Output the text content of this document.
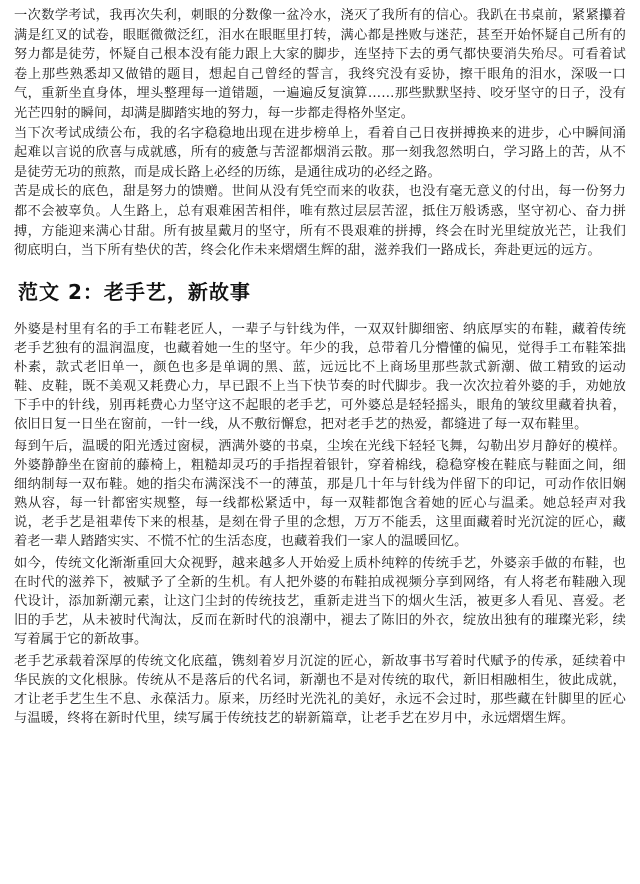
一次数学考试，我再次失利，刺眼的分数像一盆冷水，浇灭了我所有的信心。我趴在书桌前，紧紧攥着满是红叉的试卷，眼眶微微泛红，泪水在眼眶里打转，满心都是挫败与迷茫，甚至开始怀疑自己所有的努力都是徒劳，怀疑自己根本没有能力跟上大家的脚步，连坚持下去的勇气都快要消失殆尽。可看着试卷上那些熟悉却又做错的题目，想起自己曾经的誓言，我终究没有妥协，擦干眼角的泪水，深吸一口气，重新坐直身体，埋头整理每一道错题，一遍遍反复演算……那些默默坚持、咬牙坚守的日子，没有光芒四射的瞬间，却满是脚踏实地的努力，每一步都走得格外坚定。

当下次考试成绩公布，我的名字稳稳地出现在进步榜单上，看着自己日夜拼搏换来的进步，心中瞬间涌起难以言说的欣喜与成就感，所有的疲惫与苦涩都烟消云散。那一刻我忽然明白，学习路上的苦，从不是徒劳无功的煎熬，而是成长路上必经的历练，是通往成功的必经之路。

苦是成长的底色，甜是努力的馈赠。世间从没有凭空而来的收获，也没有毫无意义的付出，每一份努力都不会被辜负。人生路上，总有艰难困苦相伴，唯有熬过层层苦涩，抵住万般诱惑，坚守初心、奋力拼搏，方能迎来满心甘甜。所有披星戴月的坚守，所有不畏艰难的拼搏，终会在时光里绽放光芒，让我们彻底明白，当下所有垫伏的苦，终会化作未来熠熠生辉的甜，滋养我们一路成长，奔赴更远的远方。

范文 2：老手艺，新故事

外婆是村里有名的手工布鞋老匠人，一辈子与针线为伴，一双双针脚细密、纳底厚实的布鞋，藏着传统老手艺独有的温润温度，也藏着她一生的坚守。年少的我，总带着几分懵懂的偏见，觉得手工布鞋笨拙朴素，款式老旧单一，颜色也多是单调的黑、蓝，远远比不上商场里那些款式新潮、做工精致的运动鞋、皮鞋，既不美观又耗费心力，早已跟不上当下快节奏的时代脚步。我一次次拉着外婆的手，劝她放下手中的针线，别再耗费心力坚守这不起眼的老手艺，可外婆总是轻轻摇头，眼角的皱纹里藏着执着，依旧日复一日坐在窗前，一针一线，从不敷衍懈怠，把对老手艺的热爱，都缝进了每一双布鞋里。

每到午后，温暖的阳光透过窗棂，洒满外婆的书桌，尘埃在光线下轻轻飞舞，勾勒出岁月静好的模样。外婆静静坐在窗前的藤椅上，粗糙却灵巧的手指捏着银针，穿着棉线，稳稳穿梭在鞋底与鞋面之间，细细纳制每一双布鞋。她的指尖布满深浅不一的薄茧，那是几十年与针线为伴留下的印记，可动作依旧娴熟从容，每一针都密实规整，每一线都松紧适中，每一双鞋都饱含着她的匠心与温柔。她总轻声对我说，老手艺是祖辈传下来的根基，是刻在骨子里的念想，万万不能丢，这里面藏着时光沉淀的匠心，藏着老一辈人踏踏实实、不慌不忙的生活态度，也藏着我们一家人的温暖回忆。

如今，传统文化渐渐重回大众视野，越来越多人开始爱上质朴纯粹的传统手艺，外婆亲手做的布鞋，也在时代的滋养下，被赋予了全新的生机。有人把外婆的布鞋拍成视频分享到网络，有人将老布鞋融入现代设计，添加新潮元素，让这门尘封的传统技艺，重新走进当下的烟火生活，被更多人看见、喜爱。老旧的手艺，从未被时代淘汰，反而在新时代的浪潮中，褪去了陈旧的外衣，绽放出独有的璀璨光彩，续写着属于它的新故事。

老手艺承载着深厚的传统文化底蕴，镌刻着岁月沉淀的匠心，新故事书写着时代赋予的传承，延续着中华民族的文化根脉。传统从不是落后的代名词，新潮也不是对传统的取代，新旧相融相生，彼此成就，才让老手艺生生不息、永葆活力。原来，历经时光洗礼的美好，永远不会过时，那些藏在针脚里的匠心与温暖，终将在新时代里，续写属于传统技艺的崭新篇章，让老手艺在岁月中，永远熠熠生辉。
